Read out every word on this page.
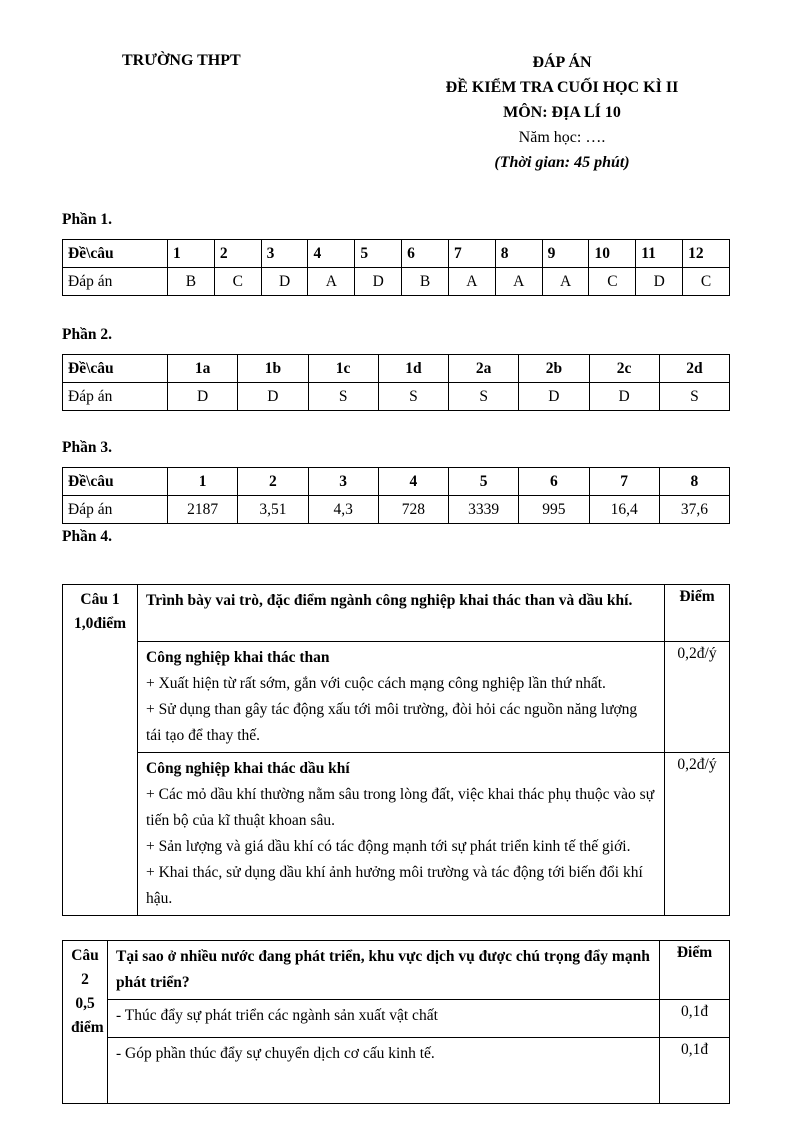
TRƯỜNG THPT	ĐÁP ÁN
ĐỀ KIỂM TRA CUỐI HỌC KÌ II
MÔN: ĐỊA LÍ 10
Năm học: ….
(Thời gian: 45 phút)
Phần 1.
Đề\câu	1	2	3	4	5	6	7	8	9	10	11	12
Đáp án	B	C	D	A	D	B	A	A	A	C	D	C
Phần 2.
Đề\câu	1a	1b	1c	1d	2a	2b	2c	2d
Đáp án	D	D	S	S	S	D	D	S
Phần 3.
Đề\câu	1	2	3	4	5	6	7	8
Đáp án	2187	3,51	4,3	728	3339	995	16,4	37,6
Phần 4.
Câu 1
1,0điểm	Trình bày vai trò, đặc điểm ngành công nghiệp khai thác than và dầu khí.	Điểm

	Công nghiệp khai thác than
+ Xuất hiện từ rất sớm, gắn với cuộc cách mạng công nghiệp lần thứ nhất.
+ Sử dụng than gây tác động xấu tới môi trường, đòi hỏi các nguồn năng lượng tái tạo để thay thế.	0,2đ/ý

	Công nghiệp khai thác dầu khí
+ Các mỏ dầu khí thường nằm sâu trong lòng đất, việc khai thác phụ thuộc vào sự tiến bộ của kĩ thuật khoan sâu.
+ Sản lượng và giá dầu khí có tác động mạnh tới sự phát triển kinh tế thế giới.
+ Khai thác, sử dụng dầu khí ảnh hưởng môi trường và tác động tới biến đổi khí hậu.	0,2đ/ý
Câu
2
0,5
điểm	Tại sao ở nhiều nước đang phát triển, khu vực dịch vụ được chú trọng đẩy mạnh phát triển?	Điểm
	- Thúc đẩy sự phát triển các ngành sản xuất vật chất	0,1đ
	- Góp phần thúc đẩy sự chuyển dịch cơ cấu kinh tế.	0,1đ
